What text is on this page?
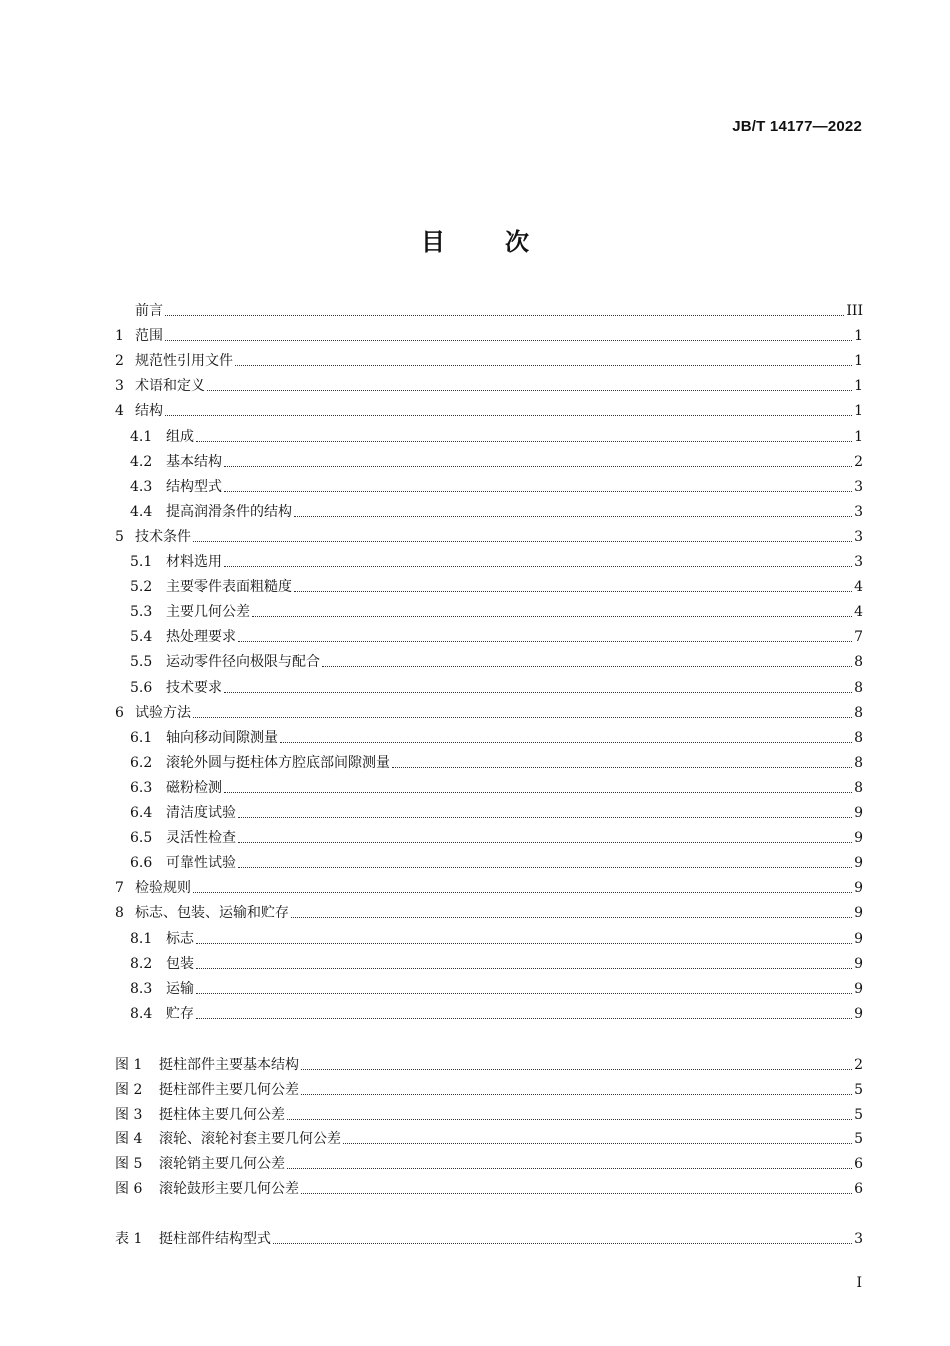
JB/T 14177—2022
目	次
前言	III
1 范围	1
2 规范性引用文件	1
3 术语和定义	1
4 结构	1
4.1 组成	1
4.2 基本结构	2
4.3 结构型式	3
4.4 提高润滑条件的结构	3
5 技术条件	3
5.1 材料选用	3
5.2 主要零件表面粗糙度	4
5.3 主要几何公差	4
5.4 热处理要求	7
5.5 运动零件径向极限与配合	8
5.6 技术要求	8
6 试验方法	8
6.1 轴向移动间隙测量	8
6.2 滚轮外圆与挺柱体方腔底部间隙测量	8
6.3 磁粉检测	8
6.4 清洁度试验	9
6.5 灵活性检查	9
6.6 可靠性试验	9
7 检验规则	9
8 标志、包装、运输和贮存	9
8.1 标志	9
8.2 包装	9
8.3 运输	9
8.4 贮存	9
图 1	挺柱部件主要基本结构	2
图 2	挺柱部件主要几何公差	5
图 3	挺柱体主要几何公差	5
图 4	滚轮、滚轮衬套主要几何公差	5
图 5	滚轮销主要几何公差	6
图 6	滚轮鼓形主要几何公差	6
表 1	挺柱部件结构型式	3
I
